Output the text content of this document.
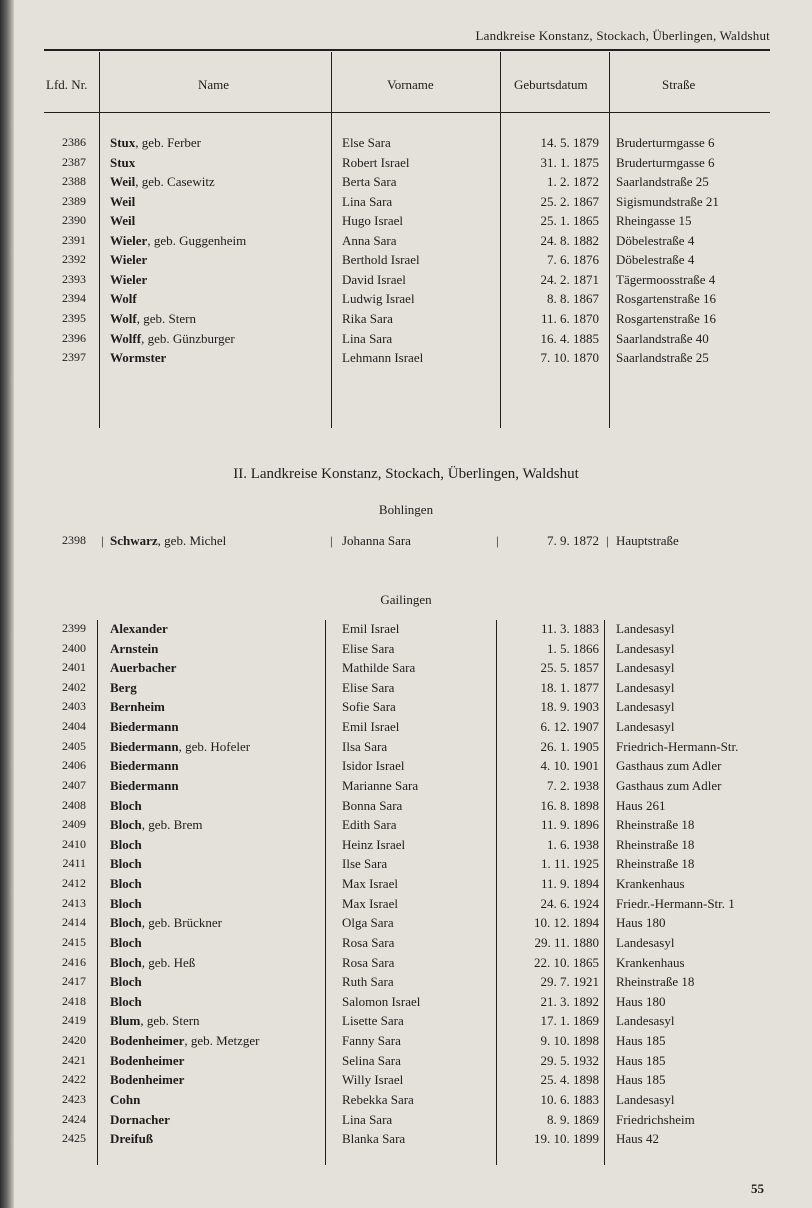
Landkreise Konstanz, Stockach, Überlingen, Waldshut
Lfd. Nr.	Name	Vorname	Geburtsdatum	Straße
2386 Stux, geb. Ferber	Else Sara	14. 5. 1879 Bruderturmgasse 6
2387 Stux	Robert Israel	31. 1. 1875 Bruderturmgasse 6
2388 Weil, geb. Casewitz	Berta Sara	1. 2. 1872 Saarlandstraße 25
2389 Weil	Lina Sara	25. 2. 1867 Sigismundstraße 21
2390 Weil	Hugo Israel	25. 1. 1865 Rheingasse 15
2391 Wieler, geb. Guggenheim	Anna Sara	24. 8. 1882 Döbelestraße 4
2392 Wieler	Berthold Israel	7. 6. 1876 Döbelestraße 4
2393 Wieler	David Israel	24. 2. 1871 Tägermoosstraße 4
2394 Wolf	Ludwig Israel	8. 8. 1867 Rosgartenstraße 16
2395 Wolf, geb. Stern	Rika Sara	11. 6. 1870 Rosgartenstraße 16
2396 Wolff, geb. Günzburger	Lina Sara	16. 4. 1885 Saarlandstraße 40
2397 Wormster	Lehmann Israel	7. 10. 1870 Saarlandstraße 25
II. Landkreise Konstanz, Stockach, Überlingen, Waldshut
Bohlingen
2398 | Schwarz, geb. Michel	| Johanna Sara	|	7. 9. 1872 | Hauptstraße
Gailingen
2399 Alexander	Emil Israel	11. 3. 1883 Landesasyl
2400 Arnstein	Elise Sara	1. 5. 1866 Landesasyl
2401 Auerbacher	Mathilde Sara	25. 5. 1857 Landesasyl
2402 Berg	Elise Sara	18. 1. 1877 Landesasyl
2403 Bernheim	Sofie Sara	18. 9. 1903 Landesasyl
2404 Biedermann	Emil Israel	6. 12. 1907 Landesasyl
2405 Biedermann, geb. Hofeler	Ilsa Sara	26. 1. 1905 Friedrich-Hermann-Str.
2406 Biedermann	Isidor Israel	4. 10. 1901 Gasthaus zum Adler
2407 Biedermann	Marianne Sara	7. 2. 1938 Gasthaus zum Adler
2408 Bloch	Bonna Sara	16. 8. 1898 Haus 261
2409 Bloch, geb. Brem	Edith Sara	11. 9. 1896 Rheinstraße 18
2410 Bloch	Heinz Israel	1. 6. 1938 Rheinstraße 18
2411 Bloch	Ilse Sara	1. 11. 1925 Rheinstraße 18
2412 Bloch	Max Israel	11. 9. 1894 Krankenhaus
2413 Bloch	Max Israel	24. 6. 1924 Friedr.-Hermann-Str. 1
2414 Bloch, geb. Brückner	Olga Sara	10. 12. 1894 Haus 180
2415 Bloch	Rosa Sara	29. 11. 1880 Landesasyl
2416 Bloch, geb. Heß	Rosa Sara	22. 10. 1865 Krankenhaus
2417 Bloch	Ruth Sara	29. 7. 1921 Rheinstraße 18
2418 Bloch	Salomon Israel	21. 3. 1892 Haus 180
2419 Blum, geb. Stern	Lisette Sara	17. 1. 1869 Landesasyl
2420 Bodenheimer, geb. Metzger	Fanny Sara	9. 10. 1898 Haus 185
2421 Bodenheimer	Selina Sara	29. 5. 1932 Haus 185
2422 Bodenheimer	Willy Israel	25. 4. 1898 Haus 185
2423 Cohn	Rebekka Sara	10. 6. 1883 Landesasyl
2424 Dornacher	Lina Sara	8. 9. 1869 Friedrichsheim
2425 Dreifuß	Blanka Sara	19. 10. 1899 Haus 42
55
